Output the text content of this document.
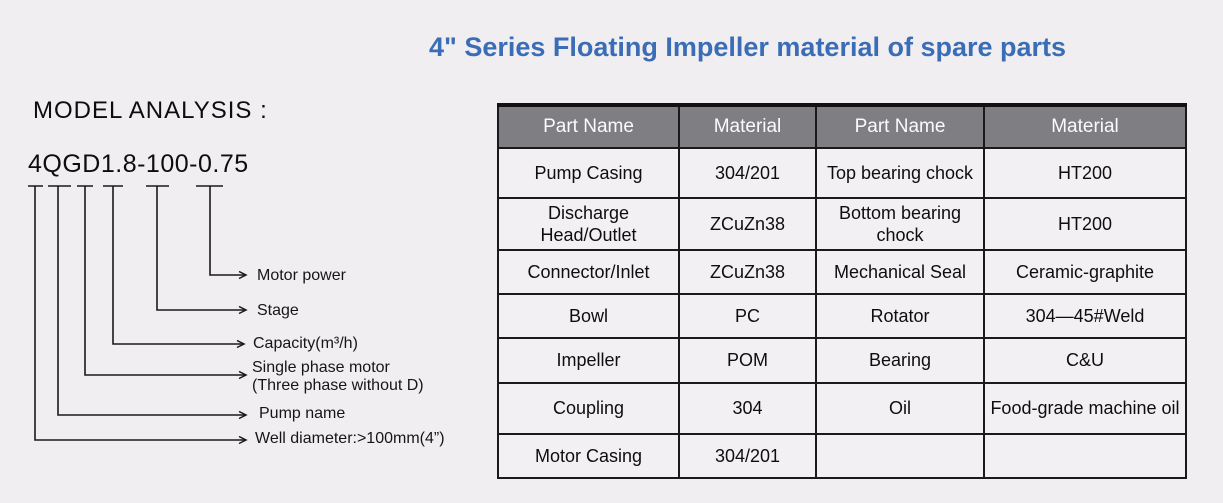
4" Series Floating Impeller material of spare parts
MODEL ANALYSIS :
4QGD1.8-100-0.75
Motor power
Stage
Capacity(m³/h)
Single phase motor
(Three phase without D)
Pump name
Well diameter:>100mm(4”)
Part Name	Material	Part Name	Material
Pump Casing	304/201	Top bearing chock	HT200
Discharge Head/Outlet	ZCuZn38	Bottom bearing chock	HT200
Connector/Inlet	ZCuZn38	Mechanical Seal	Ceramic-graphite
Bowl	PC	Rotator	304—45#Weld
Impeller	POM	Bearing	C&U
Coupling	304	Oil	Food-grade machine oil
Motor Casing	304/201		
